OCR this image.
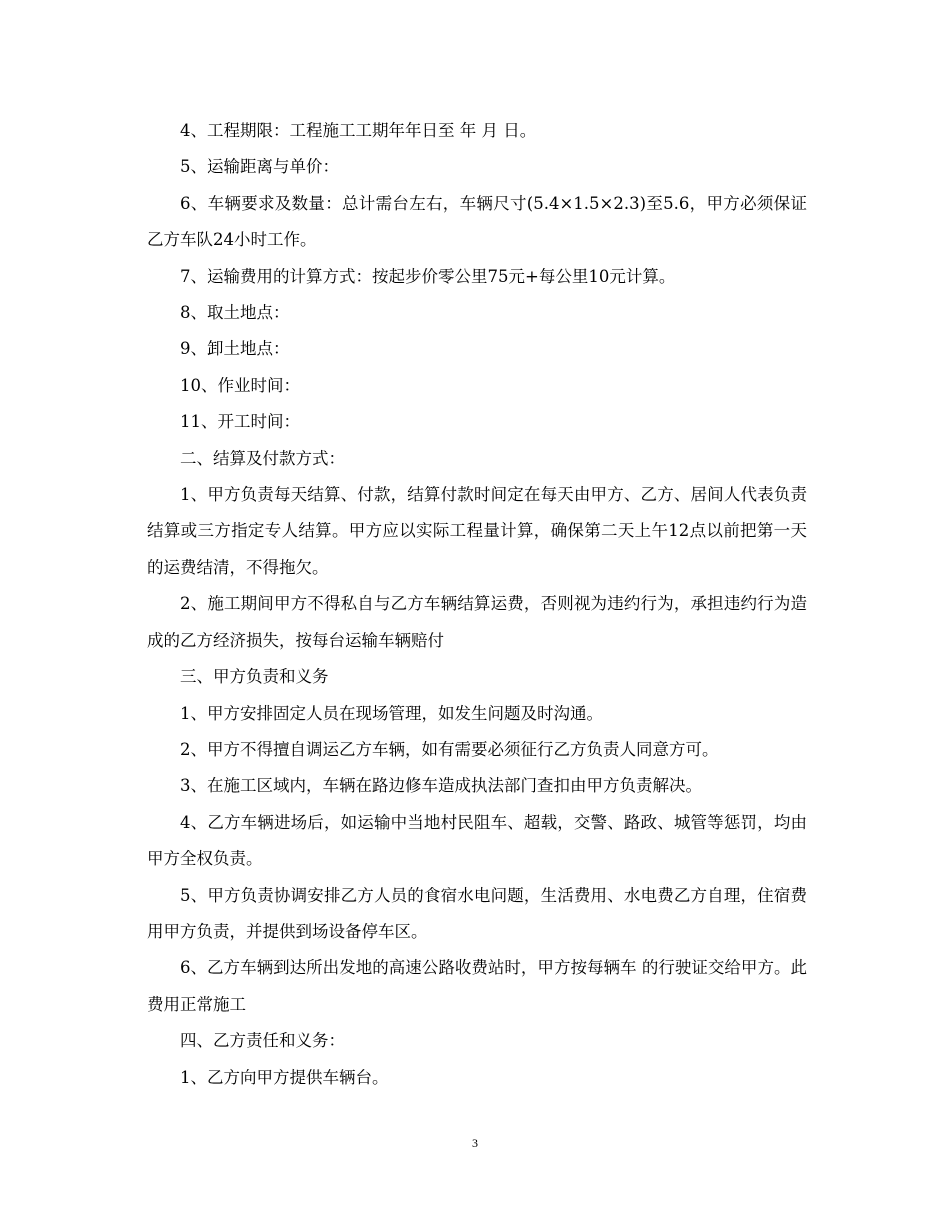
4、工程期限：工程施工工期年年日至 年 月 日。

5、运输距离与单价：

6、车辆要求及数量：总计需台左右，车辆尺寸(5.4×1.5×2.3)至5.6，甲方必须保证乙方车队24小时工作。

7、运输费用的计算方式：按起步价零公里75元+每公里10元计算。

8、取土地点：

9、卸土地点：

10、作业时间：

11、开工时间：

二、结算及付款方式：

1、甲方负责每天结算、付款，结算付款时间定在每天由甲方、乙方、居间人代表负责结算或三方指定专人结算。甲方应以实际工程量计算，确保第二天上午12点以前把第一天的运费结清，不得拖欠。

2、施工期间甲方不得私自与乙方车辆结算运费，否则视为违约行为，承担违约行为造成的乙方经济损失，按每台运输车辆赔付

三、甲方负责和义务

1、甲方安排固定人员在现场管理，如发生问题及时沟通。

2、甲方不得擅自调运乙方车辆，如有需要必须征行乙方负责人同意方可。

3、在施工区域内，车辆在路边修车造成执法部门查扣由甲方负责解决。

4、乙方车辆进场后，如运输中当地村民阻车、超载，交警、路政、城管等惩罚，均由甲方全权负责。

5、甲方负责协调安排乙方人员的食宿水电问题，生活费用、水电费乙方自理，住宿费用甲方负责，并提供到场设备停车区。

6、乙方车辆到达所出发地的高速公路收费站时，甲方按每辆车 的行驶证交给甲方。此费用正常施工

四、乙方责任和义务：

1、乙方向甲方提供车辆台。

3
